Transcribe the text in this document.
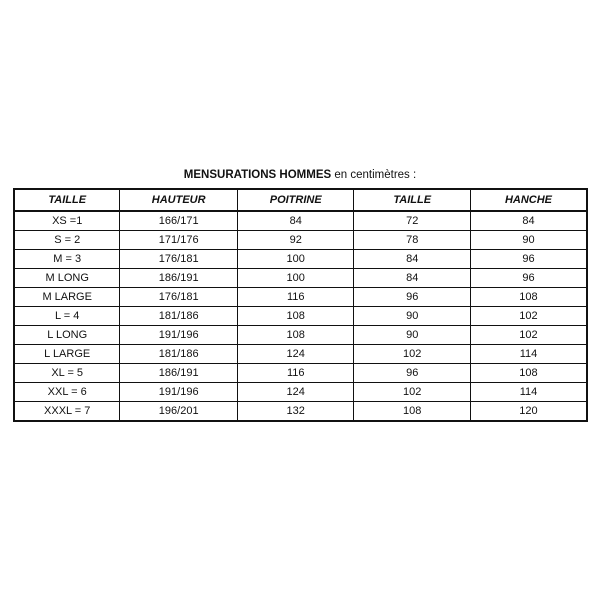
MENSURATIONS HOMMES en centimètres :
TAILLE	HAUTEUR	POITRINE	TAILLE	HANCHE
XS =1	166/171	84	72	84
S = 2	171/176	92	78	90
M = 3	176/181	100	84	96
M LONG	186/191	100	84	96
M LARGE	176/181	116	96	108
L = 4	181/186	108	90	102
L LONG	191/196	108	90	102
L LARGE	181/186	124	102	114
XL = 5	186/191	116	96	108
XXL = 6	191/196	124	102	114
XXXL = 7	196/201	132	108	120
